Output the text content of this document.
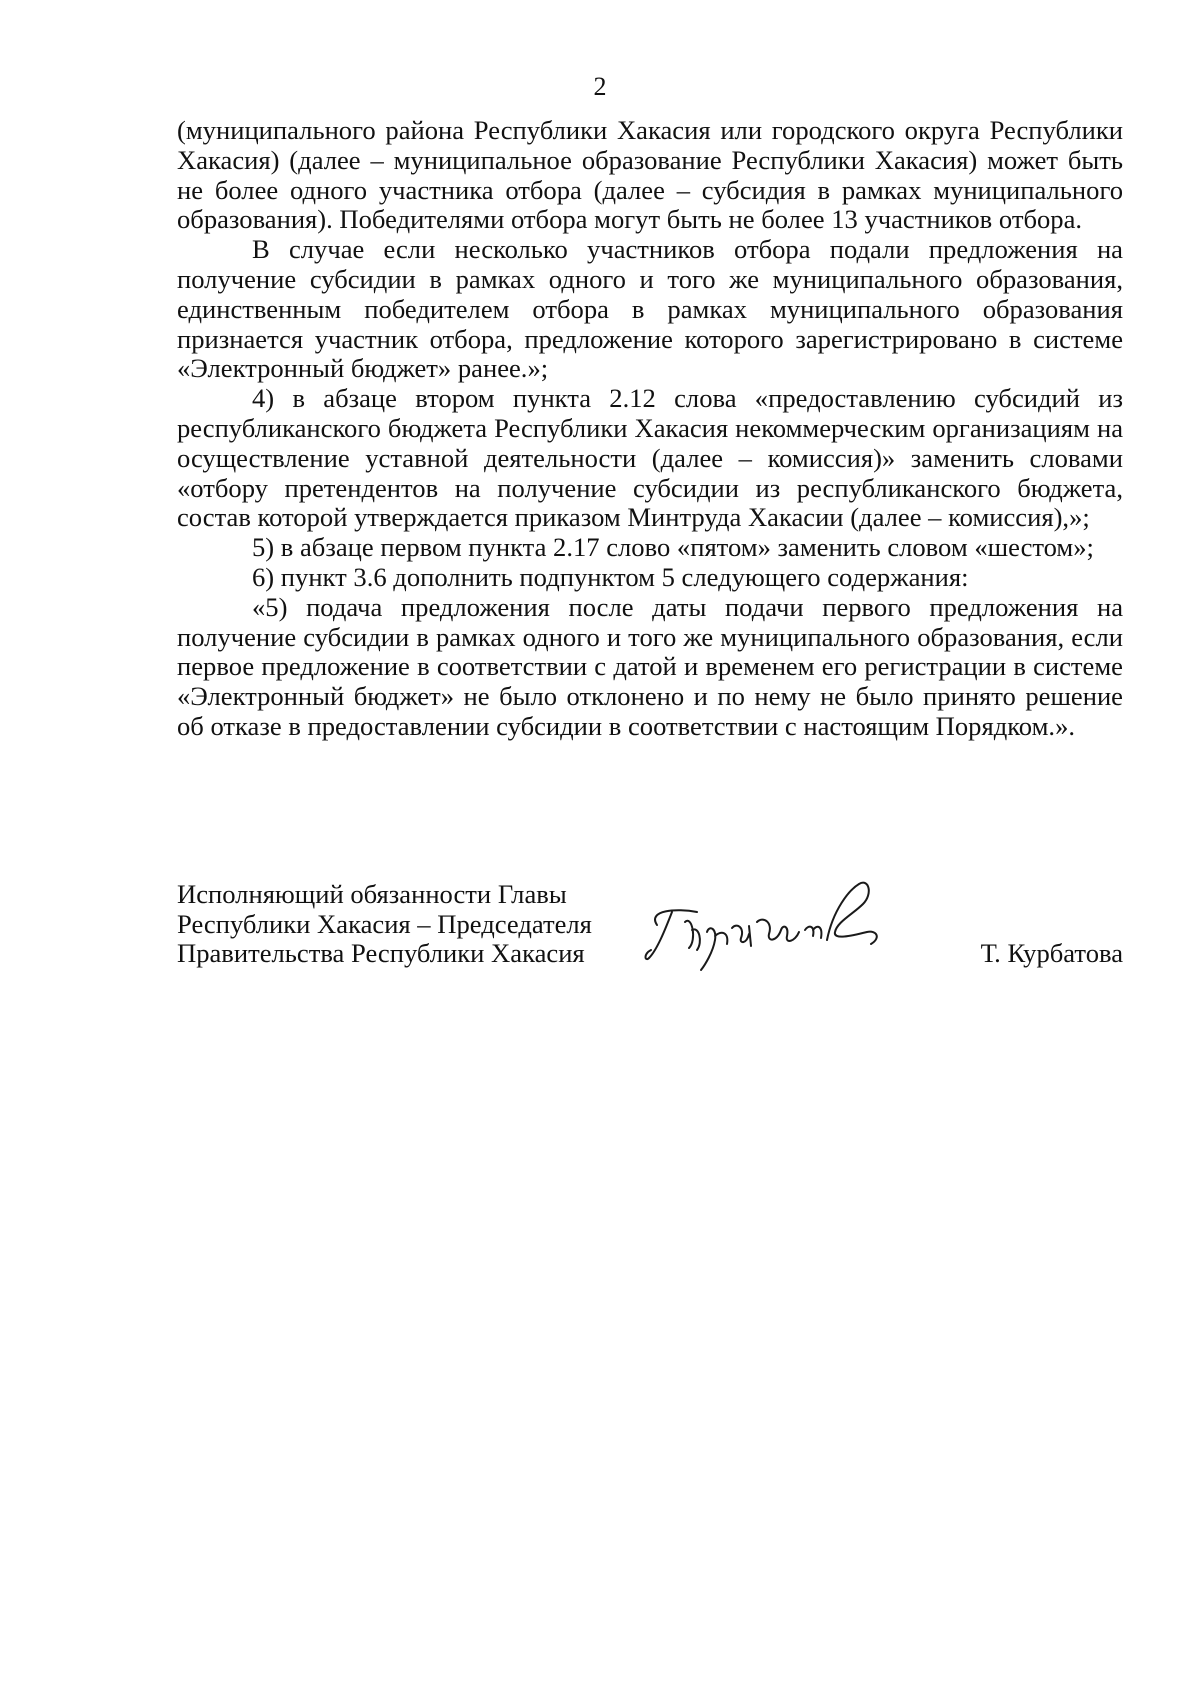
2

(муниципального района Республики Хакасия или городского округа Республики Хакасия) (далее – муниципальное образование Республики Хакасия) может быть не более одного участника отбора (далее – субсидия в рамках муниципального образования). Победителями отбора могут быть не более 13 участников отбора.

В случае если несколько участников отбора подали предложения на получение субсидии в рамках одного и того же муниципального образования, единственным победителем отбора в рамках муниципального образования признается участник отбора, предложение которого зарегистрировано в системе «Электронный бюджет» ранее.»;

4) в абзаце втором пункта 2.12 слова «предоставлению субсидий из республиканского бюджета Республики Хакасия некоммерческим организациям на осуществление уставной деятельности (далее – комиссия)» заменить словами «отбору претендентов на получение субсидии из республиканского бюджета, состав которой утверждается приказом Минтруда Хакасии (далее – комиссия),»;

5) в абзаце первом пункта 2.17 слово «пятом» заменить словом «шестом»;

6) пункт 3.6 дополнить подпунктом 5 следующего содержания:

«5) подача предложения после даты подачи первого предложения на получение субсидии в рамках одного и того же муниципального образования, если первое предложение в соответствии с датой и временем его регистрации в системе «Электронный бюджет» не было отклонено и по нему не было принято решение об отказе в предоставлении субсидии в соответствии с настоящим Порядком.».

Исполняющий обязанности Главы
Республики Хакасия – Председателя
Правительства Республики Хакасия	Т. Курбатова
